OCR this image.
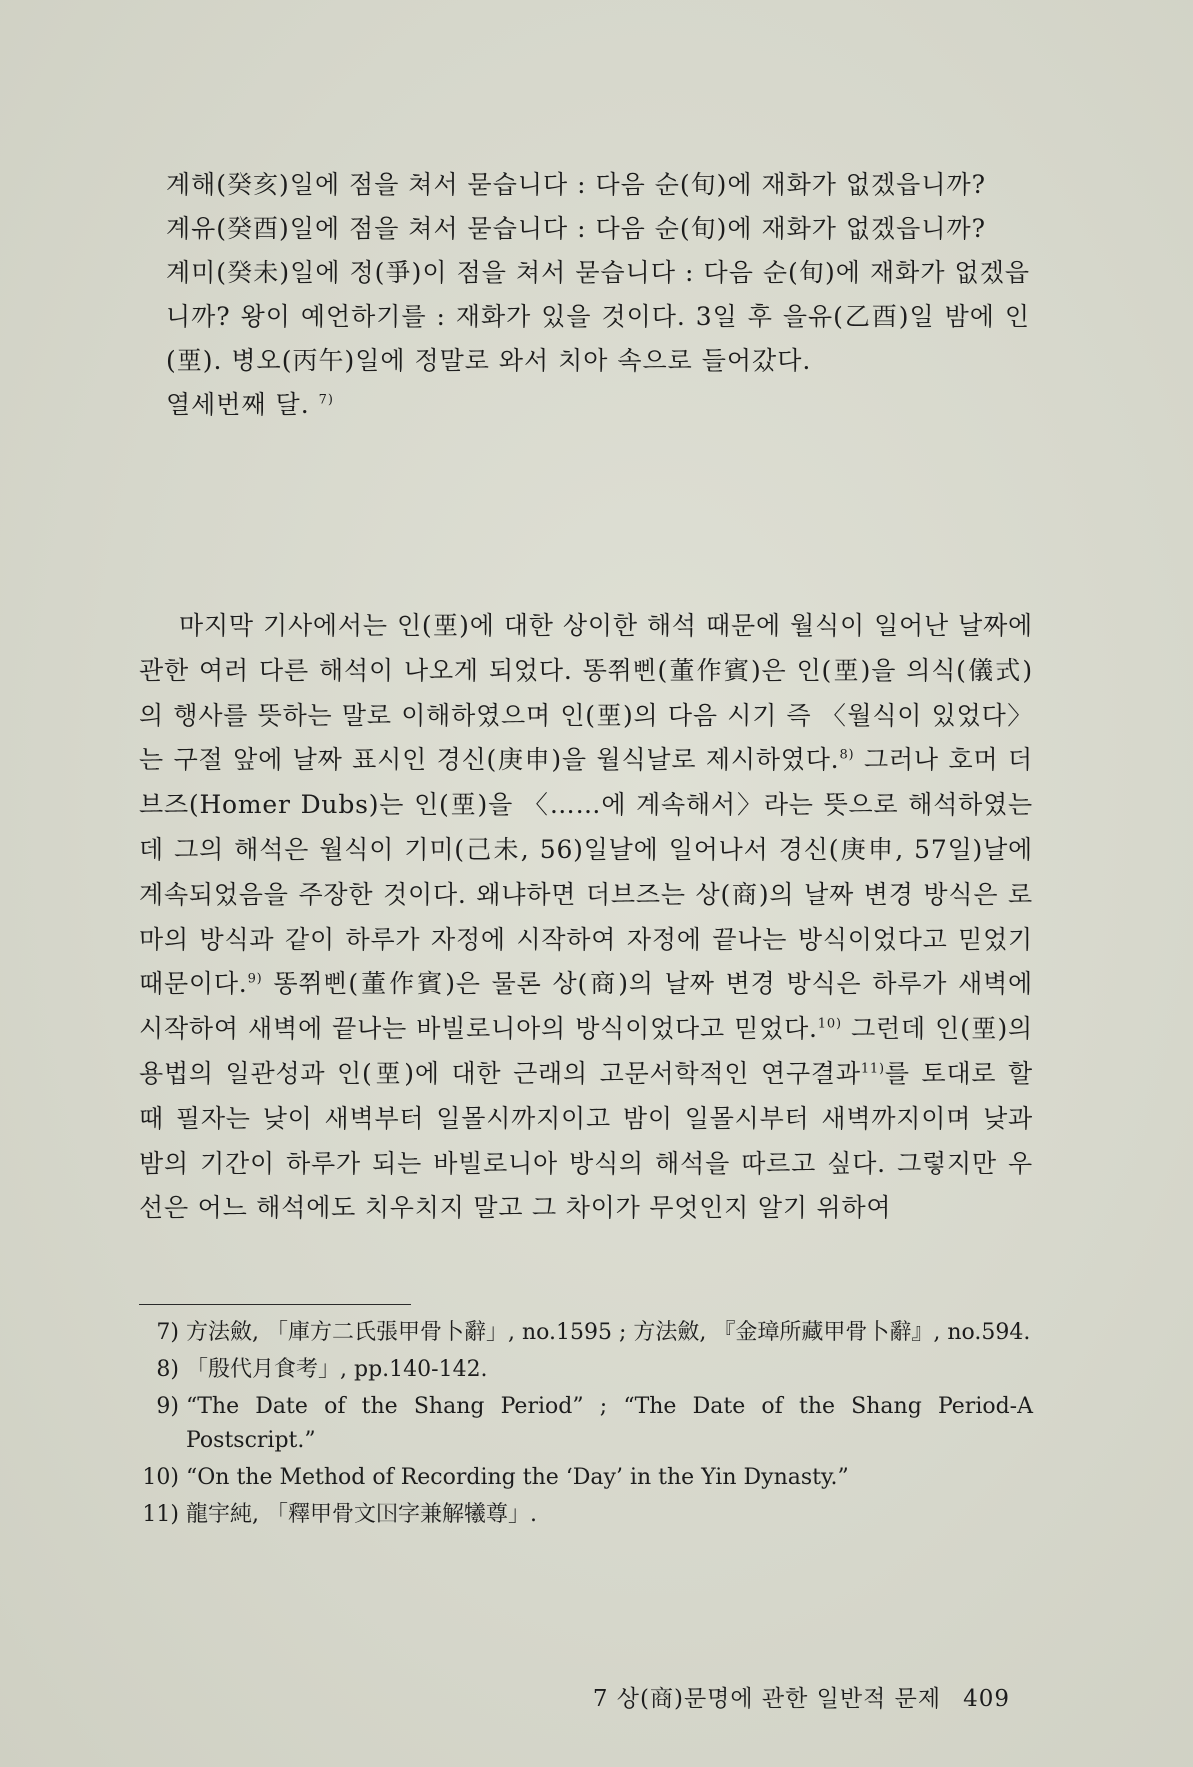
계해(癸亥)일에 점을 쳐서 묻습니다 : 다음 순(旬)에 재화가 없겠읍니까?

계유(癸酉)일에 점을 쳐서 묻습니다 : 다음 순(旬)에 재화가 없겠읍니까?

계미(癸未)일에 정(爭)이 점을 쳐서 묻습니다 : 다음 순(旬)에 재화가 없겠읍니까? 왕이 예언하기를 : 재화가 있을 것이다. 3일 후 을유(乙酉)일 밤에 인(垔). 병오(丙午)일에 정말로 와서 치아 속으로 들어갔다.

열세번째 달. $^{7)}$

마지막 기사에서는 인(垔)에 대한 상이한 해석 때문에 월식이 일어난 날짜에 관한 여러 다른 해석이 나오게 되었다. 똥쮜삔(董作賓)은 인(垔)을 의식(儀式)의 행사를 뜻하는 말로 이해하였으며 인(垔)의 다음 시기 즉 〈월식이 있었다〉는 구절 앞에 날짜 표시인 경신(庚申)을 월식날로 제시하였다.$^{8)}$ 그러나 호머 더브즈(Homer Dubs)는 인(垔)을 〈……에 계속해서〉라는 뜻으로 해석하였는데 그의 해석은 월식이 기미(己未, 56)일날에 일어나서 경신(庚申, 57일)날에 계속되었음을 주장한 것이다. 왜냐하면 더브즈는 상(商)의 날짜 변경 방식은 로마의 방식과 같이 하루가 자정에 시작하여 자정에 끝나는 방식이었다고 믿었기 때문이다.$^{9)}$ 똥쮜삔(董作賓)은 물론 상(商)의 날짜 변경 방식은 하루가 새벽에 시작하여 새벽에 끝나는 바빌로니아의 방식이었다고 믿었다.$^{10)}$ 그런데 인(垔)의 용법의 일관성과 인(垔)에 대한 근래의 고문서학적인 연구결과$^{11)}$를 토대로 할 때 필자는 낮이 새벽부터 일몰시까지이고 밤이 일몰시부터 새벽까지이며 낮과 밤의 기간이 하루가 되는 바빌로니아 방식의 해석을 따르고 싶다. 그렇지만 우선은 어느 해석에도 치우치지 말고 그 차이가 무엇인지 알기 위하여

7) 方法斂, 「庫方二氏張甲骨卜辭」, no.1595 ; 方法斂, 『金璋所藏甲骨卜辭』, no.594.
8) 「殷代月食考」, pp.140-142.
9) “The Date of the Shang Period” ; “The Date of the Shang Period-A Postscript.”
10) “On the Method of Recording the ‘Day’ in the Yin Dynasty.”
11) 龍宇純, 「釋甲骨文𡆥字兼解犧尊」.
7 상(商)문명에 관한 일반적 문제 409
